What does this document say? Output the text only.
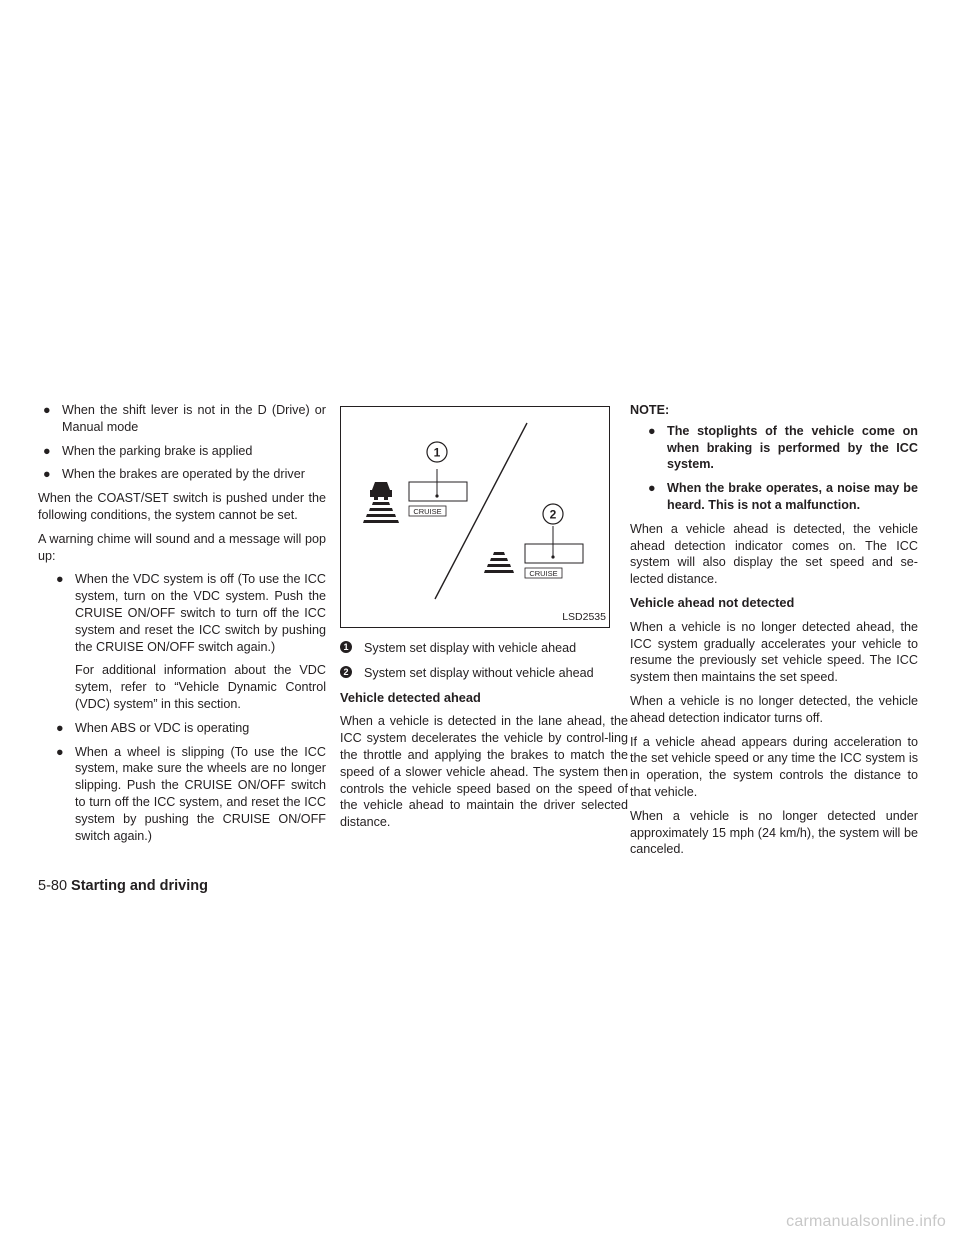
● When the shift lever is not in the D (Drive) or Manual mode
● When the parking brake is applied
● When the brakes are operated by the driver

When the COAST/SET switch is pushed under the following conditions, the system cannot be set.

A warning chime will sound and a message will pop up:

● When the VDC system is off (To use the ICC system, turn on the VDC system. Push the CRUISE ON/OFF switch to turn off the ICC system and reset the ICC switch by pushing the CRUISE ON/OFF switch again.)

For additional information about the VDC sytem, refer to “Vehicle Dynamic Control (VDC) system” in this section.

● When ABS or VDC is operating
● When a wheel is slipping (To use the ICC system, make sure the wheels are no longer slipping. Push the CRUISE ON/OFF switch to turn off the ICC system, and reset the ICC system by pushing the CRUISE ON/OFF switch again.)
1
CRUISE	2
CRUISE
LSD2535
1 System set display with vehicle ahead
2 System set display without vehicle ahead
Vehicle detected ahead

When a vehicle is detected in the lane ahead, the ICC system decelerates the vehicle by control-ling the throttle and applying the brakes to match the speed of a slower vehicle ahead. The system then controls the vehicle speed based on the speed of the vehicle ahead to maintain the driver selected distance.

NOTE:
● The stoplights of the vehicle come on when braking is performed by the ICC system.
● When the brake operates, a noise may be heard. This is not a malfunction.

When a vehicle ahead is detected, the vehicle ahead detection indicator comes on. The ICC system will also display the set speed and se-lected distance.

Vehicle ahead not detected

When a vehicle is no longer detected ahead, the ICC system gradually accelerates your vehicle to resume the previously set vehicle speed. The ICC system then maintains the set speed.

When a vehicle is no longer detected, the vehicle ahead detection indicator turns off.

If a vehicle ahead appears during acceleration to the set vehicle speed or any time the ICC system is in operation, the system controls the distance to that vehicle.

When a vehicle is no longer detected under approximately 15 mph (24 km/h), the system will be canceled.

5-80 Starting and driving
carmanualsonline.info
